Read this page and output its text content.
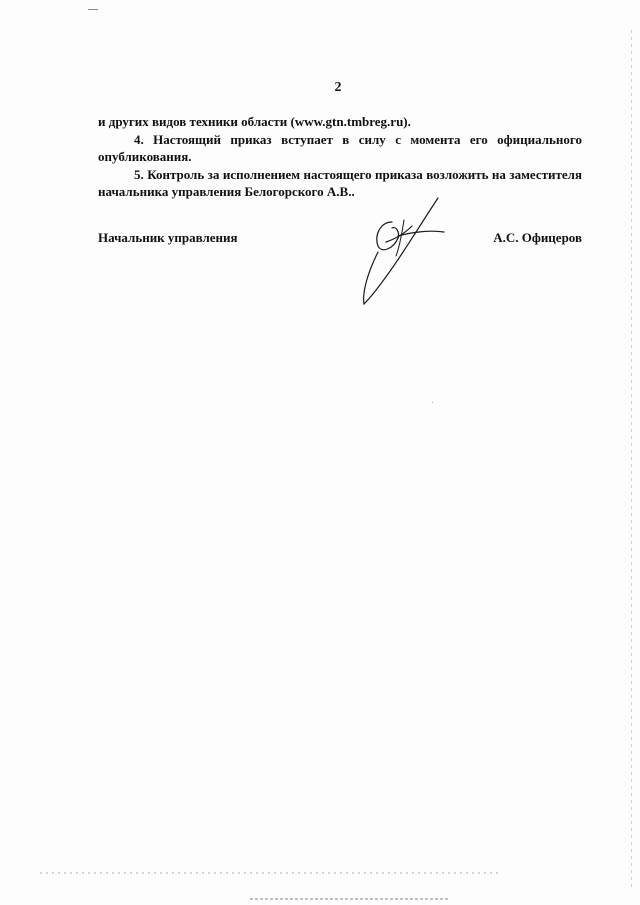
2

и других видов техники области (www.gtn.tmbreg.ru).

4. Настоящий приказ вступает в силу с момента его официального опубликования.

5. Контроль за исполнением настоящего приказа возложить на заместителя начальника управления Белогорского А.В..

Начальник управления	А.С. Офицеров
